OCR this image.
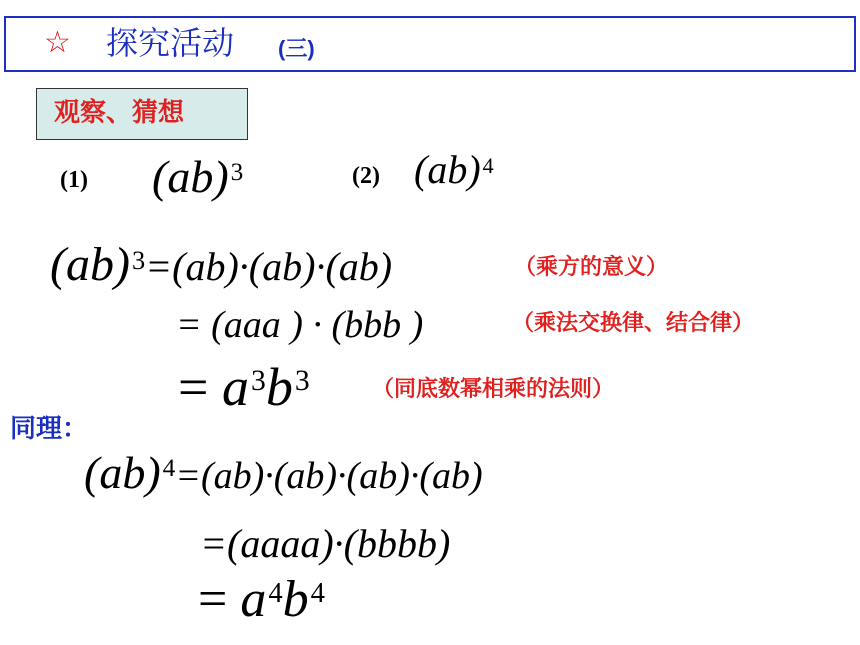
☆ 探究活动 (三)
观察、猜想
(1) (ab)$^3$	(2) (ab)$^4$
(ab)$^3$=(ab)·(ab)·(ab)	（乘方的意义）
= (aaa ) · (bbb )	（乘法交换律、结合律）
= $a^3b^3$	（同底数幂相乘的法则）
同理：
(ab)$^4$=(ab)·(ab)·(ab)·(ab)
=(aaaa)·(bbbb)
= $a^4b^4$
